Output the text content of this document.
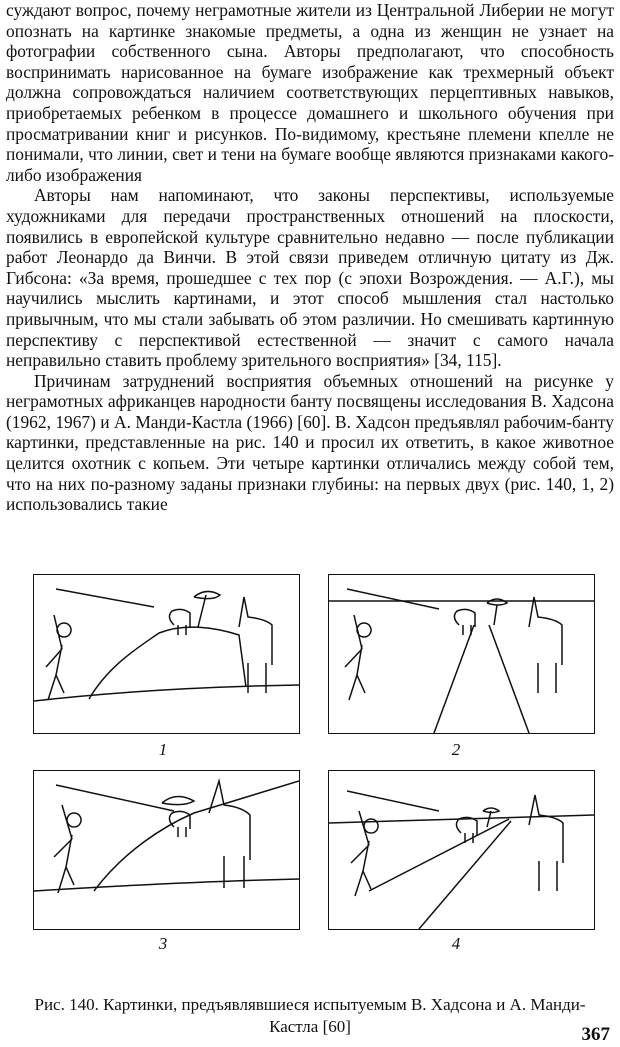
суждают вопрос, почему неграмотные жители из Центральной Либерии не могут опознать на картинке знакомые предметы, а одна из женщин не узнает на фотографии собственного сына. Авторы предполагают, что способность воспринимать нарисованное на бумаге изображение как трехмерный объект должна сопровождаться наличием соответствующих перцептивных навыков, приобретаемых ребенком в процессе домашнего и школьного обучения при просматривании книг и рисунков. По-видимому, крестьяне племени кпелле не понимали, что линии, свет и тени на бумаге вообще являются признаками какого-либо изображения

Авторы нам напоминают, что законы перспективы, используемые художниками для передачи пространственных отношений на плоскости, появились в европейской культуре сравнительно недавно — после публикации работ Леонардо да Винчи. В этой связи приведем отличную цитату из Дж. Гибсона: «За время, прошедшее с тех пор (с эпохи Возрождения. — А.Г.), мы научились мыслить картинами, и этот способ мышления стал настолько привычным, что мы стали забывать об этом различии. Но смешивать картинную перспективу с перспективой естественной — значит с самого начала неправильно ставить проблему зрительного восприятия» [34, 115].

Причинам затруднений восприятия объемных отношений на рисунке у неграмотных африканцев народности банту посвящены исследования В. Хадсона (1962, 1967) и А. Манди-Кастла (1966) [60]. В. Хадсон предъявлял рабочим-банту картинки, представленные на рис. 140 и просил их ответить, в какое животное целится охотник с копьем. Эти четыре картинки отличались между собой тем, что на них по-разному заданы признаки глубины: на первых двух (рис. 140, 1, 2) использовались такие

1	2
3	4
Рис. 140. Картинки, предъявлявшиеся испытуемым В. Хадсона и А. Манди-
Кастла [60]	367
